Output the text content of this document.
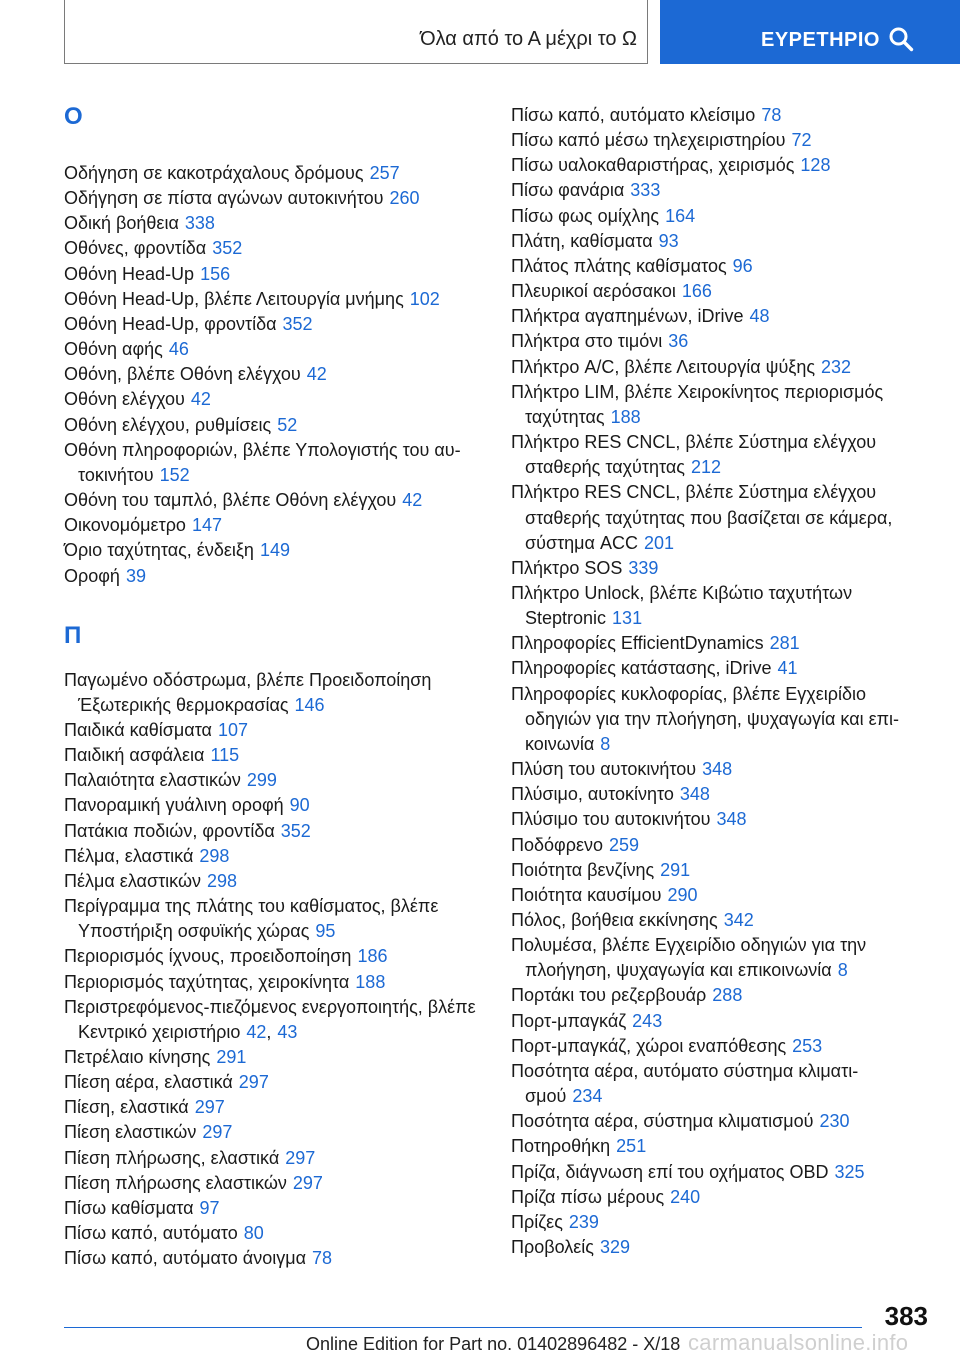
Όλα από το Α μέχρι το Ω	ΕΥΡΕΤΗΡΙΟ
Ο
Οδήγηση σε κακοτράχαλους δρόμους 257
Οδήγηση σε πίστα αγώνων αυτοκινήτου 260
Οδική βοήθεια 338
Οθόνες, φροντίδα 352
Οθόνη Head-Up 156
Οθόνη Head-Up, βλέπε Λειτουργία μνήμης 102
Οθόνη Head-Up, φροντίδα 352
Οθόνη αφής 46
Οθόνη, βλέπε Οθόνη ελέγχου 42
Οθόνη ελέγχου 42
Οθόνη ελέγχου, ρυθμίσεις 52
Οθόνη πληροφοριών, βλέπε Υπολογιστής του αυ-τοκινήτου 152
Οθόνη του ταμπλό, βλέπε Οθόνη ελέγχου 42
Οικονομόμετρο 147
Όριο ταχύτητας, ένδειξη 149
Οροφή 39
Π
Παγωμένο οδόστρωμα, βλέπε Προειδοποίηση Έξωτερικής θερμοκρασίας 146
Παιδικά καθίσματα 107
Παιδική ασφάλεια 115
Παλαιότητα ελαστικών 299
Πανοραμική γυάλινη οροφή 90
Πατάκια ποδιών, φροντίδα 352
Πέλμα, ελαστικά 298
Πέλμα ελαστικών 298
Περίγραμμα της πλάτης του καθίσματος, βλέπε Υποστήριξη οσφυϊκής χώρας 95
Περιορισμός ίχνους, προειδοποίηση 186
Περιορισμός ταχύτητας, χειροκίνητα 188
Περιστρεφόμενος-πιεζόμενος ενεργοποιητής, βλέπε Κεντρικό χειριστήριο 42, 43
Πετρέλαιο κίνησης 291
Πίεση αέρα, ελαστικά 297
Πίεση, ελαστικά 297
Πίεση ελαστικών 297
Πίεση πλήρωσης, ελαστικά 297
Πίεση πλήρωσης ελαστικών 297
Πίσω καθίσματα 97
Πίσω καπό, αυτόματο 80
Πίσω καπό, αυτόματο άνοιγμα 78
Πίσω καπό, αυτόματο κλείσιμο 78
Πίσω καπό μέσω τηλεχειριστηρίου 72
Πίσω υαλοκαθαριστήρας, χειρισμός 128
Πίσω φανάρια 333
Πίσω φως ομίχλης 164
Πλάτη, καθίσματα 93
Πλάτος πλάτης καθίσματος 96
Πλευρικοί αερόσακοι 166
Πλήκτρα αγαπημένων, iDrive 48
Πλήκτρα στο τιμόνι 36
Πλήκτρο A/C, βλέπε Λειτουργία ψύξης 232
Πλήκτρο LIM, βλέπε Χειροκίνητος περιορισμός ταχύτητας 188
Πλήκτρο RES CNCL, βλέπε Σύστημα ελέγχου σταθερής ταχύτητας 212
Πλήκτρο RES CNCL, βλέπε Σύστημα ελέγχου σταθερής ταχύτητας που βασίζεται σε κάμερα, σύστημα ACC 201
Πλήκτρο SOS 339
Πλήκτρο Unlock, βλέπε Κιβώτιο ταχυτήτων Steptronic 131
Πληροφορίες EfficientDynamics 281
Πληροφορίες κατάστασης, iDrive 41
Πληροφορίες κυκλοφορίας, βλέπε Εγχειρίδιο οδηγιών για την πλοήγηση, ψυχαγωγία και επι-κοινωνία 8
Πλύση του αυτοκινήτου 348
Πλύσιμο, αυτοκίνητο 348
Πλύσιμο του αυτοκινήτου 348
Ποδόφρενο 259
Ποιότητα βενζίνης 291
Ποιότητα καυσίμου 290
Πόλος, βοήθεια εκκίνησης 342
Πολυμέσα, βλέπε Εγχειρίδιο οδηγιών για την πλοήγηση, ψυχαγωγία και επικοινωνία 8
Πορτάκι του ρεζερβουάρ 288
Πορτ-μπαγκάζ 243
Πορτ-μπαγκάζ, χώροι εναπόθεσης 253
Ποσότητα αέρα, αυτόματο σύστημα κλιματι-σμού 234
Ποσότητα αέρα, σύστημα κλιματισμού 230
Ποτηροθήκη 251
Πρίζα, διάγνωση επί του οχήματος OBD 325
Πρίζα πίσω μέρους 240
Πρίζες 239
Προβολείς 329
383
Online Edition for Part no. 01402896482 - X/18 carmanualsonline.info
